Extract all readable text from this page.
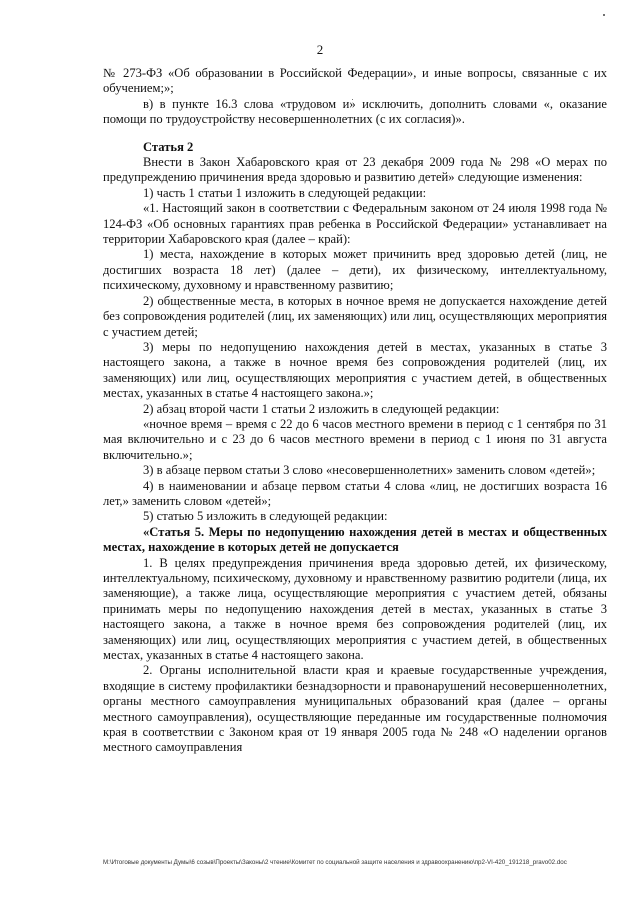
2

№ 273-ФЗ «Об образовании в Российской Федерации», и иные вопросы, связанные с их обучением;»;

в) в пункте 16.3 слова «трудовом и» исключить, дополнить словами «, оказание помощи по трудоустройству несовершеннолетних (с их согласия)».

Статья 2

Внести в Закон Хабаровского края от 23 декабря 2009 года № 298 «О мерах по предупреждению причинения вреда здоровью и развитию детей» следующие изменения:

1) часть 1 статьи 1 изложить в следующей редакции:

«1. Настоящий закон в соответствии с Федеральным законом от 24 июля 1998 года № 124-ФЗ «Об основных гарантиях прав ребенка в Российской Федерации» устанавливает на территории Хабаровского края (далее – край):

1) места, нахождение в которых может причинить вред здоровью детей (лиц, не достигших возраста 18 лет) (далее – дети), их физическому, интеллектуальному, психическому, духовному и нравственному развитию;

2) общественные места, в которых в ночное время не допускается нахождение детей без сопровождения родителей (лиц, их заменяющих) или лиц, осуществляющих мероприятия с участием детей;

3) меры по недопущению нахождения детей в местах, указанных в статье 3 настоящего закона, а также в ночное время без сопровождения родителей (лиц, их заменяющих) или лиц, осуществляющих мероприятия с участием детей, в общественных местах, указанных в статье 4 настоящего закона.»;

2) абзац второй части 1 статьи 2 изложить в следующей редакции:

«ночное время – время с 22 до 6 часов местного времени в период с 1 сентября по 31 мая включительно и с 23 до 6 часов местного времени в период с 1 июня по 31 августа включительно.»;

3) в абзаце первом статьи 3 слово «несовершеннолетних» заменить словом «детей»;

4) в наименовании и абзаце первом статьи 4 слова «лиц, не достигших возраста 16 лет,» заменить словом «детей»;

5) статью 5 изложить в следующей редакции:

«Статья 5. Меры по недопущению нахождения детей в местах и общественных местах, нахождение в которых детей не допускается

1. В целях предупреждения причинения вреда здоровью детей, их физическому, интеллектуальному, психическому, духовному и нравственному развитию родители (лица, их заменяющие), а также лица, осуществляющие мероприятия с участием детей, обязаны принимать меры по недопущению нахождения детей в местах, указанных в статье 3 настоящего закона, а также в ночное время без сопровождения родителей (лиц, их заменяющих) или лиц, осуществляющих мероприятия с участием детей, в общественных местах, указанных в статье 4 настоящего закона.

2. Органы исполнительной власти края и краевые государственные учреждения, входящие в систему профилактики безнадзорности и правонарушений несовершеннолетних, органы местного самоуправления муниципальных образований края (далее – органы местного самоуправления), осуществляющие переданные им государственные полномочия края в соответствии с Законом края от 19 января 2005 года № 248 «О наделении органов местного самоуправления

M:\Итоговые документы Думы\6 созыв\Проекты\Законы\2 чтение\Комитет по социальной защите населения и здравоохранению\пр2-VI-420_191218_pravo02.doc
